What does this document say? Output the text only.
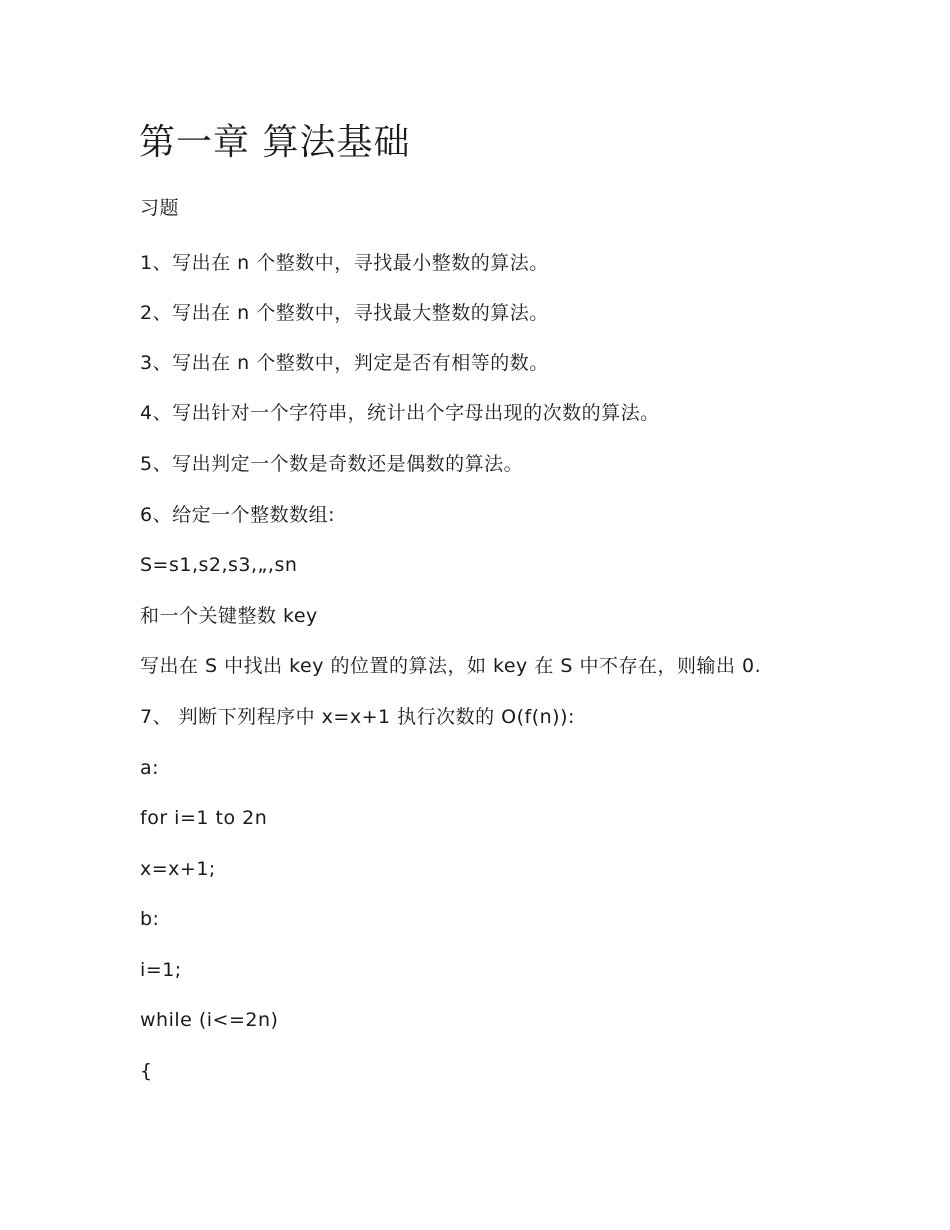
第一章 算法基础
习题
1、写出在 n 个整数中，寻找最小整数的算法。
2、写出在 n 个整数中，寻找最大整数的算法。
3、写出在 n 个整数中，判定是否有相等的数。
4、写出针对一个字符串，统计出个字母出现的次数的算法。
5、写出判定一个数是奇数还是偶数的算法。
6、给定一个整数数组:
S=s1,s2,s3,„,sn
和一个关键整数 key
写出在 S 中找出 key 的位置的算法，如 key 在 S 中不存在，则输出 0.
7、 判断下列程序中 x=x+1 执行次数的 O(f(n)):
a:
for i=1 to 2n
x=x+1;
b:
i=1;
while (i<=2n)
{
